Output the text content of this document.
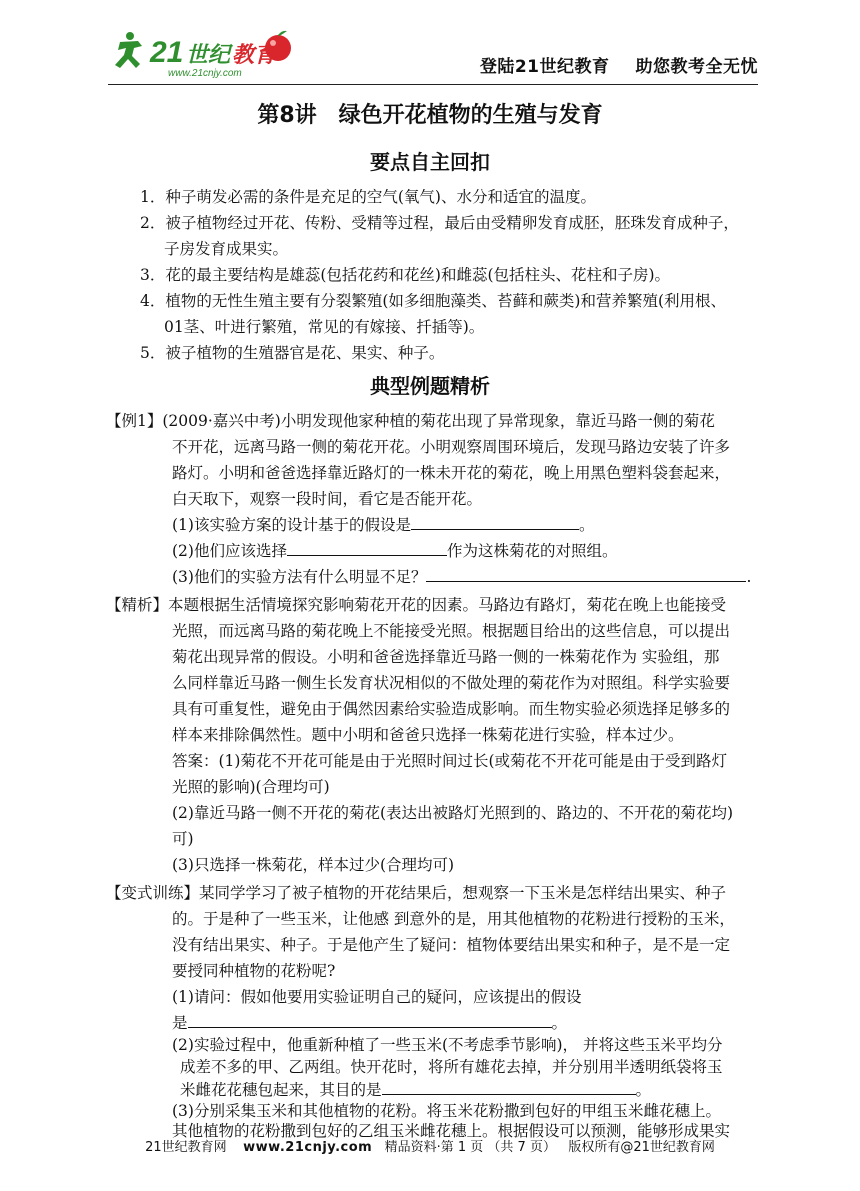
21 世纪 教育
www.21cnjy.com	登陆21世纪教育 助您教考全无忧
第8讲　绿色开花植物的生殖与发育
要点自主回扣
1．种子萌发必需的条件是充足的空气(氧气)、水分和适宜的温度。
2．被子植物经过开花、传粉、受精等过程，最后由受精卵发育成胚，胚珠发育成种子，
子房发育成果实。
3．花的最主要结构是雄蕊(包括花药和花丝)和雌蕊(包括柱头、花柱和子房)。
4．植物的无性生殖主要有分裂繁殖(如多细胞藻类、苔藓和蕨类)和营养繁殖(利用根、
01茎、叶进行繁殖，常见的有嫁接、扦插等)。
5．被子植物的生殖器官是花、果实、种子。
典型例题精析
【例1】(2009·嘉兴中考)小明发现他家种植的菊花出现了异常现象，靠近马路一侧的菊花
不开花，远离马路一侧的菊花开花。小明观察周围环境后，发现马路边安装了许多
路灯。小明和爸爸选择靠近路灯的一株未开花的菊花，晚上用黑色塑料袋套起来，
白天取下，观察一段时间，看它是否能开花。
(1)该实验方案的设计基于的假设是	。
(2)他们应该选择	作为这株菊花的对照组。
(3)他们的实验方法有什么明显不足？	.
【精析】本题根据生活情境探究影响菊花开花的因素。马路边有路灯，菊花在晚上也能接受
光照，而远离马路的菊花晚上不能接受光照。根据题目给出的这些信息，可以提出
菊花出现异常的假设。小明和爸爸选择靠近马路一侧的一株菊花作为 实验组，那
么同样靠近马路一侧生长发育状况相似的不做处理的菊花作为对照组。科学实验要
具有可重复性，避免由于偶然因素给实验造成影响。而生物实验必须选择足够多的
样本来排除偶然性。题中小明和爸爸只选择一株菊花进行实验，样本过少。
答案：(1)菊花不开花可能是由于光照时间过长(或菊花不开花可能是由于受到路灯
光照的影响)(合理均可)
(2)靠近马路一侧不开花的菊花(表达出被路灯光照到的、路边的、不开花的菊花均)
可)
(3)只选择一株菊花，样本过少(合理均可)
【变式训练】某同学学习了被子植物的开花结果后，想观察一下玉米是怎样结出果实、种子
的。于是种了一些玉米，让他感 到意外的是，用其他植物的花粉进行授粉的玉米，
没有结出果实、种子。于是他产生了疑问：植物体要结出果实和种子，是不是一定
要授同种植物的花粉呢?
(1)请问：假如他要用实验证明自己的疑问，应该提出的假设
是	。
(2)实验过程中，他重新种植了一些玉米(不考虑季节影响)， 并将这些玉米平均分
成差不多的甲、乙两组。快开花时，将所有雄花去掉，并分别用半透明纸袋将玉
米雌花花穗包起来，其目的是	。
21世纪教育网 www.21cnjy.com 精品资料·第 1 页 （共 7 页） 版权所有@21世纪教育网
(3)分别采集玉米和其他植物的花粉。将玉米花粉撒到包好的甲组玉米雌花穗上。
其他植物的花粉撒到包好的乙组玉米雌花穗上。根据假设可以预测，能够形成果实
